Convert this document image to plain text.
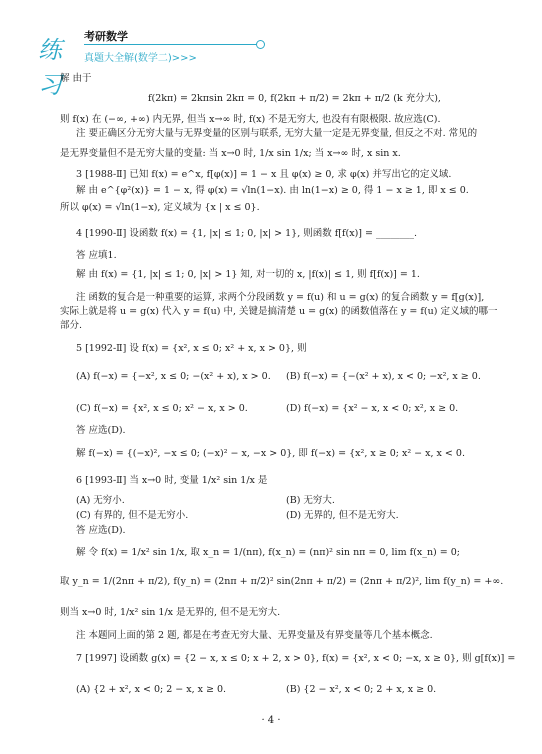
练习
考研数学
真题大全解(数学二)>>>
解 由于
f(2kπ) = 2kπsin 2kπ = 0, f(2kπ + π/2) = 2kπ + π/2 (k 充分大),
则 f(x) 在 (−∞, +∞) 内无界, 但当 x→∞ 时, f(x) 不是无穷大, 也没有有限极限. 故应选(C).
注 要正确区分无穷大量与无界变量的区别与联系, 无穷大量一定是无界变量, 但反之不对. 常见的
是无界变量但不是无穷大量的变量: 当 x→0 时, 1/x sin 1/x; 当 x→∞ 时, x sin x.
3 [1988-Ⅱ] 已知 f(x) = e^x, f[φ(x)] = 1 − x 且 φ(x) ≥ 0, 求 φ(x) 并写出它的定义域.
解 由 e^{φ²(x)} = 1 − x, 得 φ(x) = √ln(1−x). 由 ln(1−x) ≥ 0, 得 1 − x ≥ 1, 即 x ≤ 0.
所以 φ(x) = √ln(1−x), 定义域为 {x | x ≤ 0}.
4 [1990-Ⅱ] 设函数 f(x) = {1, |x| ≤ 1; 0, |x| > 1}, 则函数 f[f(x)] = ________.
答 应填1.
解 由 f(x) = {1, |x| ≤ 1; 0, |x| > 1} 知, 对一切的 x, |f(x)| ≤ 1, 则 f[f(x)] = 1.
注 函数的复合是一种重要的运算, 求两个分段函数 y = f(u) 和 u = g(x) 的复合函数 y = f[g(x)],
实际上就是将 u = g(x) 代入 y = f(u) 中, 关键是搞清楚 u = g(x) 的函数值落在 y = f(u) 定义域的哪一
部分.
5 [1992-Ⅱ] 设 f(x) = {x², x ≤ 0; x² + x, x > 0}, 则
(A) f(−x) = {−x², x ≤ 0; −(x² + x), x > 0. (B) f(−x) = {−(x² + x), x < 0; −x², x ≥ 0.
(C) f(−x) = {x², x ≤ 0; x² − x, x > 0.	(D) f(−x) = {x² − x, x < 0; x², x ≥ 0.
答 应选(D).
解 f(−x) = {(−x)², −x ≤ 0; (−x)² − x, −x > 0}, 即 f(−x) = {x², x ≥ 0; x² − x, x < 0.
6 [1993-Ⅱ] 当 x→0 时, 变量 1/x² sin 1/x 是
(A) 无穷小.	(B) 无穷大.
(C) 有界的, 但不是无穷小.	(D) 无界的, 但不是无穷大.
答 应选(D).
解 令 f(x) = 1/x² sin 1/x, 取 x_n = 1/(nπ), f(x_n) = (nπ)² sin nπ = 0, lim f(x_n) = 0;
取 y_n = 1/(2nπ + π/2), f(y_n) = (2nπ + π/2)² sin(2nπ + π/2) = (2nπ + π/2)², lim f(y_n) = +∞.
则当 x→0 时, 1/x² sin 1/x 是无界的, 但不是无穷大.
注 本题同上面的第 2 题, 都是在考查无穷大量、无界变量及有界变量等几个基本概念.
7 [1997] 设函数 g(x) = {2 − x, x ≤ 0; x + 2, x > 0}, f(x) = {x², x < 0; −x, x ≥ 0}, 则 g[f(x)] =
(A) {2 + x², x < 0; 2 − x, x ≥ 0.	(B) {2 − x², x < 0; 2 + x, x ≥ 0.
· 4 ·
